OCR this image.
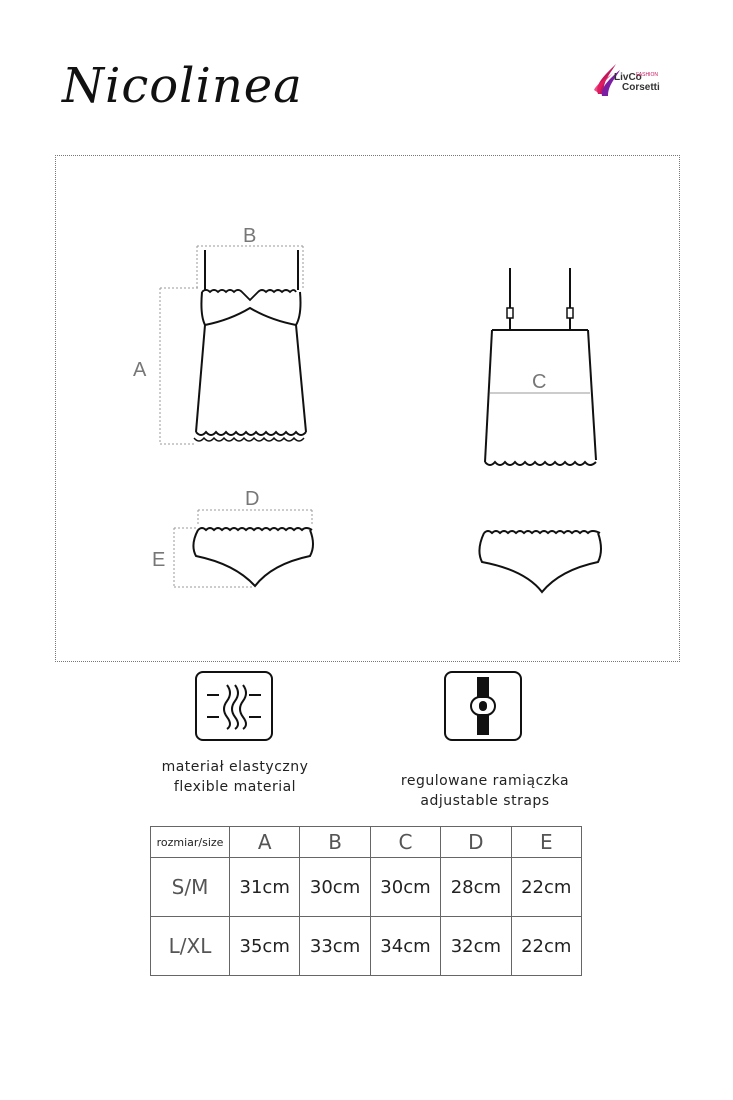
Nicolinea	LivCo
FASHION
Corsetti
B
A
C
D
E
materiał elastyczny
flexible material	regulowane ramiączka
adjustable straps
rozmiar/size	A	B	C	D	E
S/M	31cm	30cm	30cm	28cm	22cm
L/XL	35cm	33cm	34cm	32cm	22cm
